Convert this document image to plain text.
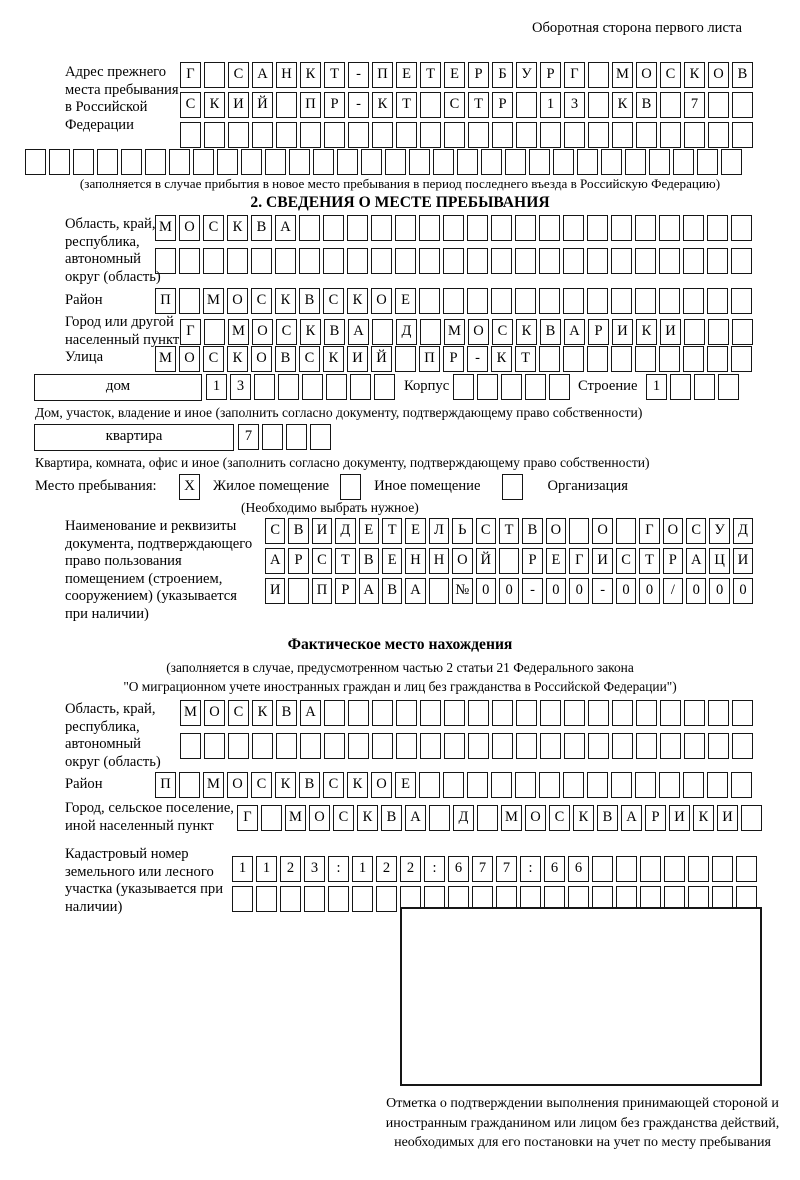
Оборотная сторона первого листа
Адрес прежнего места пребывания в Российской Федерации
Г	С А Н К	Т	-	П Е	Т	Е	Р	Б	У	Р	Г	М О С К О В
С К И Й	П	Р	-	К	Т	С	Т	Р	1	3	К В	7
(заполняется в случае прибытия в новое место пребывания в период последнего въезда в Российскую Федерацию)
2. СВЕДЕНИЯ О МЕСТЕ ПРЕБЫВАНИЯ
Область, край, республика, автономный округ (область)
М О С К В А
Район	П	М О С К В С К О Е
Город или другой населенный пункт
Г	М О С К В А	Д	М О С К В А	Р	И К И
Улица	М О С К О В С К И Й	П	Р	-	К	Т
дом	1	3	Корпус	Строение	1
Дом, участок, владение и иное (заполнить согласно документу, подтверждающему право собственности)
квартира	7
Квартира, комната, офис и иное (заполнить согласно документу, подтверждающему право собственности)
Место пребывания:	X	Жилое помещение	Иное помещение	Организация
(Необходимо выбрать нужное)
Наименование и реквизиты документа, подтверждающего право пользования помещением (строением, сооружением) (указывается при наличии)
С В И Д Е	Т	Е Л Ь С Т В О	О	Г О С У Д
А Р	С Т В Е Н Н О Й	Р	Е	Г И С Т	Р А Ц И
И	П Р А В А	№ 0	0	-	0	0	-	0	0	/	0	0	0
Фактическое место нахождения
(заполняется в случае, предусмотренном частью 2 статьи 21 Федерального закона
"О миграционном учете иностранных граждан и лиц без гражданства в Российской Федерации")
Область, край, республика, автономный округ (область)
М О С К В А
Район	П	М О С К В С К О Е
Город, сельское поселение, иной населенный пункт
Г	М О С К В А	Д	М О С К В А	Р	И К И
Кадастровый номер земельного или лесного участка (указывается при наличии)
1	1	2	3	:	1	2	2	:	6	7	7	:	6	6
Отметка о подтверждении выполнения принимающей стороной и иностранным гражданином или лицом без гражданства действий, необходимых для его постановки на учет по месту пребывания
